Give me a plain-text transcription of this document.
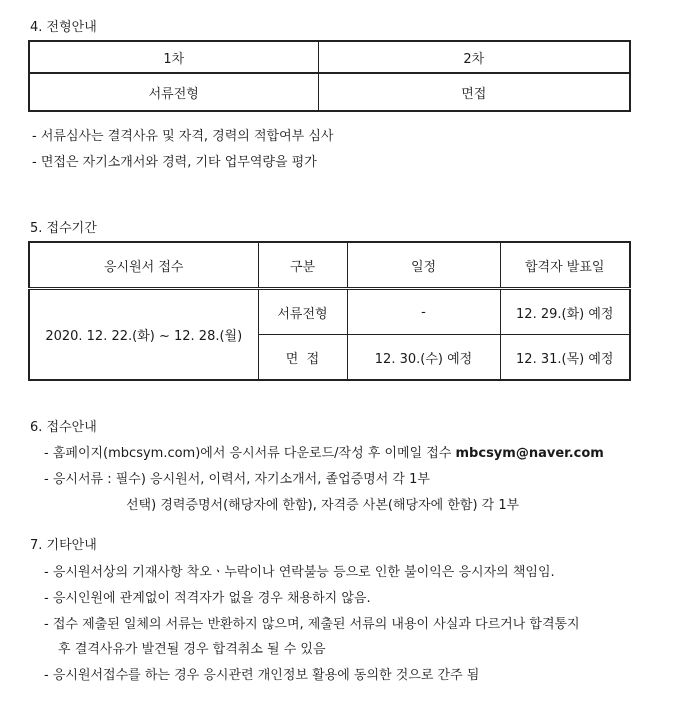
4. 전형안내
1차	2차
서류전형	면접
- 서류심사는 결격사유 및 자격, 경력의 적합여부 심사
- 면접은 자기소개서와 경력, 기타 업무역량을 평가
5. 접수기간
응시원서 접수	구분	일정	합격자 발표일
2020. 12. 22.(화) ~ 12. 28.(월)	서류전형	-	12. 29.(화) 예정
	면  접	12. 30.(수) 예정	12. 31.(목) 예정
6. 접수안내
- 홈페이지(mbcsym.com)에서 응시서류 다운로드/작성 후 이메일 접수 mbcsym@naver.com
- 응시서류 : 필수) 응시원서, 이력서, 자기소개서, 졸업증명서 각 1부
선택) 경력증명서(해당자에 한함), 자격증 사본(해당자에 한함) 각 1부
7. 기타안내
- 응시원서상의 기재사항 착오ㆍ누락이나 연락불능 등으로 인한 불이익은 응시자의 책임임.
- 응시인원에 관계없이 적격자가 없을 경우 채용하지 않음.
- 접수 제출된 일체의 서류는 반환하지 않으며, 제출된 서류의 내용이 사실과 다르거나 합격통지
후 결격사유가 발견될 경우 합격취소 될 수 있음
- 응시원서접수를 하는 경우 응시관련 개인정보 활용에 동의한 것으로 간주 됨
